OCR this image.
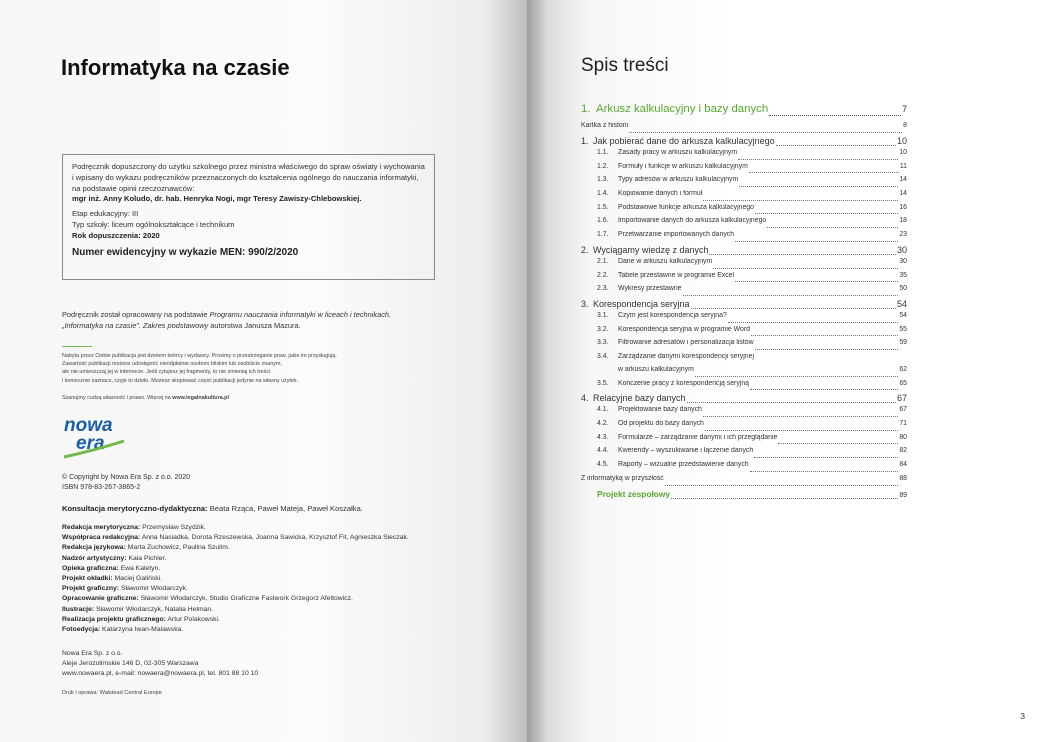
Informatyka na czasie
Podręcznik dopuszczony do użytku szkolnego przez ministra właściwego do spraw oświaty i wychowania i wpisany do wykazu podręczników przeznaczonych do kształcenia ogólnego do nauczania informatyki, na podstawie opinii rzeczoznawców:
mgr inż. Anny Koludo, dr. hab. Henryka Nogi, mgr Teresy Zawiszy-Chlebowskiej.
Etap edukacyjny: III
Typ szkoły: liceum ogólnokształcące i technikum
Rok dopuszczenia: 2020
Numer ewidencyjny w wykazie MEN: 990/2/2020
Podręcznik został opracowany na podstawie Programu nauczania informatyki w liceach i technikach.
„Informatyka na czasie”. Zakres podstawowy autorstwa Janusza Mazura.

Nabyta przez Ciebie publikacja jest dziełem twórcy i wydawcy. Prosimy o przestrzeganie praw, jakie im przysługują.

Zawartość publikacji możesz udostępnić nieodpłatnie osobom bliskim lub osobiście znanym,

ale nie umieszczaj jej w internecie. Jeśli cytujesz jej fragmenty, to nie zmieniaj ich treści

i koniecznie zaznacz, czyje to dzieło. Możesz skopiować część publikacji jedynie na własny użytek.

Szanujmy cudzą własność i prawo. Więcej na www.legalnakultura.pl
nowa
era
© Copyright by Nowa Era Sp. z o.o. 2020
ISBN 978-83-267-3865-2
Konsultacja merytoryczno-dydaktyczna: Beata Rząca, Paweł Mateja, Paweł Koszałka.
Redakcja merytoryczna: Przemysław Szydzik.
Współpraca redakcyjna: Anna Nasiadka, Dorota Rzeszewska, Joanna Sawicka, Krzysztof Fit, Agnieszka Sieczak.
Redakcja językowa: Marta Zuchowicz, Paulina Szulim.
Nadzór artystyczny: Kaia Pichler.
Opieka graficzna: Ewa Kaletyn.
Projekt okładki: Maciej Galiński.
Projekt graficzny: Sławomir Włodarczyk.
Opracowanie graficzne: Sławomir Włodarczyk, Studio Graficzne Fastwork Grzegorz Afeltowicz.
Ilustracje: Sławomir Włodarczyk, Natalia Helman.
Realizacja projektu graficznego: Artur Polakowski.
Fotoedycja: Katarzyna Iwan-Malawska.
Nowa Era Sp. z o.o.
Aleje Jerozolimskie 146 D, 02-305 Warszawa
www.nowaera.pl, e-mail: nowaera@nowaera.pl, tel. 801 88 10 10
Druk i oprawa: Walstead Central Europe
Spis treści
1. Arkusz kalkulacyjny i bazy danych	7
Kartka z historii	8
1. Jak pobierać dane do arkusza kalkulacyjnego	10
1.1.	Zasady pracy w arkuszu kalkulacyjnym	10
1.2.	Formuły i funkcje w arkuszu kalkulacyjnym	11
1.3.	Typy adresów w arkuszu kalkulacyjnym	14
1.4.	Kopiowanie danych i formuł	14
1.5.	Podstawowe funkcje arkusza kalkulacyjnego	16
1.6.	Importowanie danych do arkusza kalkulacyjnego	18
1.7.	Przetwarzanie importowanych danych	23
2. Wyciągamy wiedzę z danych	30
2.1.	Dane w arkuszu kalkulacyjnym	30
2.2.	Tabele przestawne w programie Excel	35
2.3.	Wykresy przestawne	50
3. Korespondencja seryjna	54
3.1.	Czym jest korespondencja seryjna?	54
3.2.	Korespondencja seryjna w programie Word	55
3.3.	Filtrowanie adresatów i personalizacja listów	59
3.4.	Zarządzanie danymi korespondencji seryjnej
w arkuszu kalkulacyjnym	62
3.5.	Kończenie pracy z korespondencją seryjną	65
4. Relacyjne bazy danych	67
4.1.	Projektowanie bazy danych	67
4.2.	Od projektu do bazy danych	71
4.3.	Formularze – zarządzanie danymi i ich przeglądanie	80
4.4.	Kwerendy – wyszukiwanie i łączenie danych	82
4.5.	Raporty – wizualne przedstawienie danych	84
Z informatyką w przyszłość	88
Projekt zespołowy	89
3
